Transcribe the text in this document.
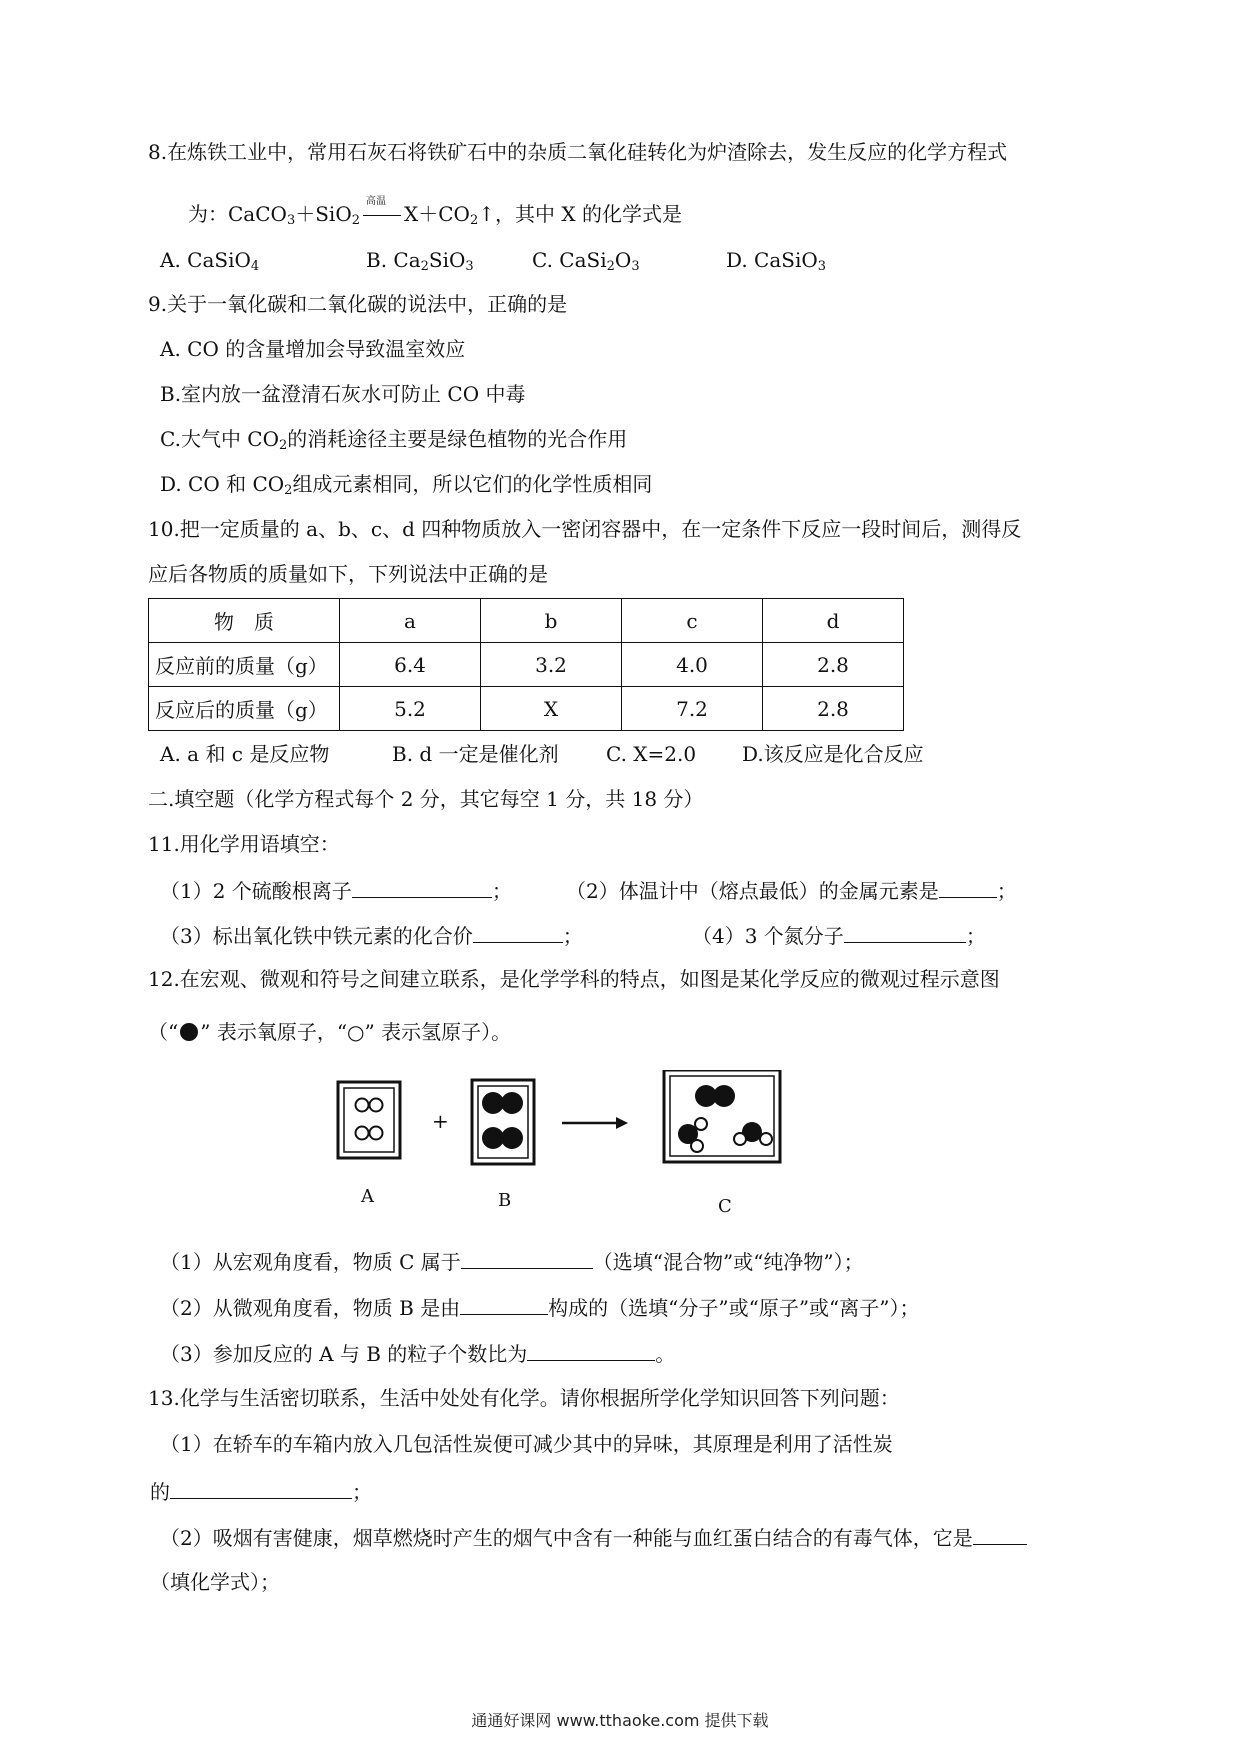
8.在炼铁工业中，常用石灰石将铁矿石中的杂质二氧化硅转化为炉渣除去，发生反应的化学方程式
为：CaCO$_3$＋SiO$_2$
高温
$X+CO_2↑$，其中 X 的化学式是
A. CaSiO$_4$	B. $Ca_2SiO_3$	C. $CaSi_2O_3$	D. CaSiO$_3$
9.关于一氧化碳和二氧化碳的说法中，正确的是
A. CO 的含量增加会导致温室效应
B.室内放一盆澄清石灰水可防止 CO 中毒
C.大气中 $CO_2$的消耗途径主要是绿色植物的光合作用
D. CO 和 $CO_2$组成元素相同，所以它们的化学性质相同
10.把一定质量的 a、b、c、d 四种物质放入一密闭容器中，在一定条件下反应一段时间后，测得反
应后各物质的质量如下，下列说法中正确的是
物　质	a	b	c	d
反应前的质量（g）	6.4	3.2	4.0	2.8
反应后的质量（g）	5.2	X	7.2	2.8
A. a 和 c 是反应物	B. d 一定是催化剂 C. X=2.0 D.该反应是化合反应
二.填空题（化学方程式每个 2 分，其它每空 1 分，共 18 分）
11.用化学用语填空：
（1）2 个硫酸根离子	；	（2）体温计中（熔点最低）的金属元素是	；
（3）标出氧化铁中铁元素的化合价	；	（4）3 个氮分子	；
12.在宏观、微观和符号之间建立联系，是化学学科的特点，如图是某化学反应的微观过程示意图
（“ ” 表示氧原子，“○” 表示氢原子）。
+
A	B	C
（1）从宏观角度看，物质 C 属于	（选填“混合物”或“纯净物”）；
（2）从微观角度看，物质 B 是由	构成的（选填“分子”或“原子”或“离子”）；
（3）参加反应的 A 与 B 的粒子个数比为	。
13.化学与生活密切联系，生活中处处有化学。请你根据所学化学知识回答下列问题：
（1）在轿车的车箱内放入几包活性炭便可减少其中的异味，其原理是利用了活性炭
的	；
（2）吸烟有害健康，烟草燃烧时产生的烟气中含有一种能与血红蛋白结合的有毒气体，它是
（填化学式）；
通通好课网 www.tthaoke.com 提供下载
